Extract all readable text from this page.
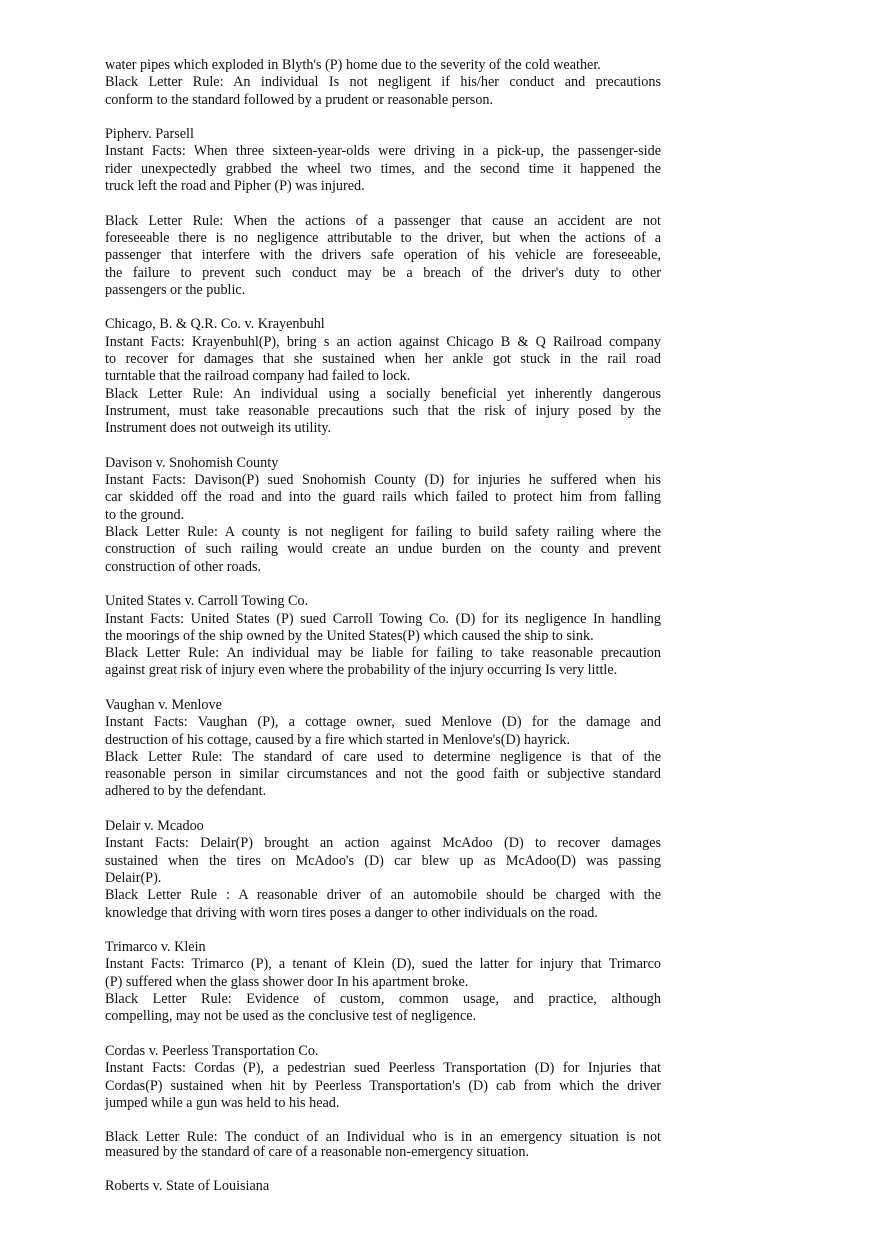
water pipes which exploded in Blyth's (P) home due to the severity of the cold weather.
Black Letter Rule: An individual Is not negligent if his/her conduct and precautions
conform to the standard followed by a prudent or reasonable person.
Pipherv. Parsell
Instant Facts: When three sixteen-year-olds were driving in a pick-up, the passenger-side
rider unexpectedly grabbed the wheel two times, and the second time it happened the
truck left the road and Pipher (P) was injured.
Black Letter Rule: When the actions of a passenger that cause an accident are not
foreseeable there is no negligence attributable to the driver, but when the actions of a
passenger that interfere with the drivers safe operation of his vehicle are foreseeable,
the failure to prevent such conduct may be a breach of the driver's duty to other
passengers or the public.
Chicago, B. & Q.R. Co. v. Krayenbuhl
Instant Facts: Krayenbuhl(P), bring s an action against Chicago B & Q Railroad company
to recover for damages that she sustained when her ankle got stuck in the rail road
turntable that the railroad company had failed to lock.
Black Letter Rule: An individual using a socially beneficial yet inherently dangerous
Instrument, must take reasonable precautions such that the risk of injury posed by the
Instrument does not outweigh its utility.
Davison v. Snohomish County
Instant Facts: Davison(P) sued Snohomish County (D) for injuries he suffered when his
car skidded off the road and into the guard rails which failed to protect him from falling
to the ground.
Black Letter Rule: A county is not negligent for failing to build safety railing where the
construction of such railing would create an undue burden on the county and prevent
construction of other roads.
United States v. Carroll Towing Co.
Instant Facts: United States (P) sued Carroll Towing Co. (D) for its negligence In handling
the moorings of the ship owned by the United States(P) which caused the ship to sink.
Black Letter Rule: An individual may be liable for failing to take reasonable precaution
against great risk of injury even where the probability of the injury occurring Is very little.
Vaughan v. Menlove
Instant Facts: Vaughan (P), a cottage owner, sued Menlove (D) for the damage and
destruction of his cottage, caused by a fire which started in Menlove's(D) hayrick.
Black Letter Rule: The standard of care used to determine negligence is that of the
reasonable person in similar circumstances and not the good faith or subjective standard
adhered to by the defendant.
Delair v. Mcadoo
Instant Facts: Delair(P) brought an action against McAdoo (D) to recover damages
sustained when the tires on McAdoo's (D) car blew up as McAdoo(D) was passing
Delair(P).
Black Letter Rule : A reasonable driver of an automobile should be charged with the
knowledge that driving with worn tires poses a danger to other individuals on the road.
Trimarco v. Klein
Instant Facts: Trimarco (P), a tenant of Klein (D), sued the latter for injury that Trimarco
(P) suffered when the glass shower door In his apartment broke.
Black Letter Rule: Evidence of custom, common usage, and practice, although
compelling, may not be used as the conclusive test of negligence.
Cordas v. Peerless Transportation Co.
Instant Facts: Cordas (P), a pedestrian sued Peerless Transportation (D) for Injuries that
Cordas(P) sustained when hit by Peerless Transportation's (D) cab from which the driver
jumped while a gun was held to his head.
Black Letter Rule: The conduct of an Individual who is in an emergency situation is not
measured by the standard of care of a reasonable non-emergency situation.
Roberts v. State of Louisiana
